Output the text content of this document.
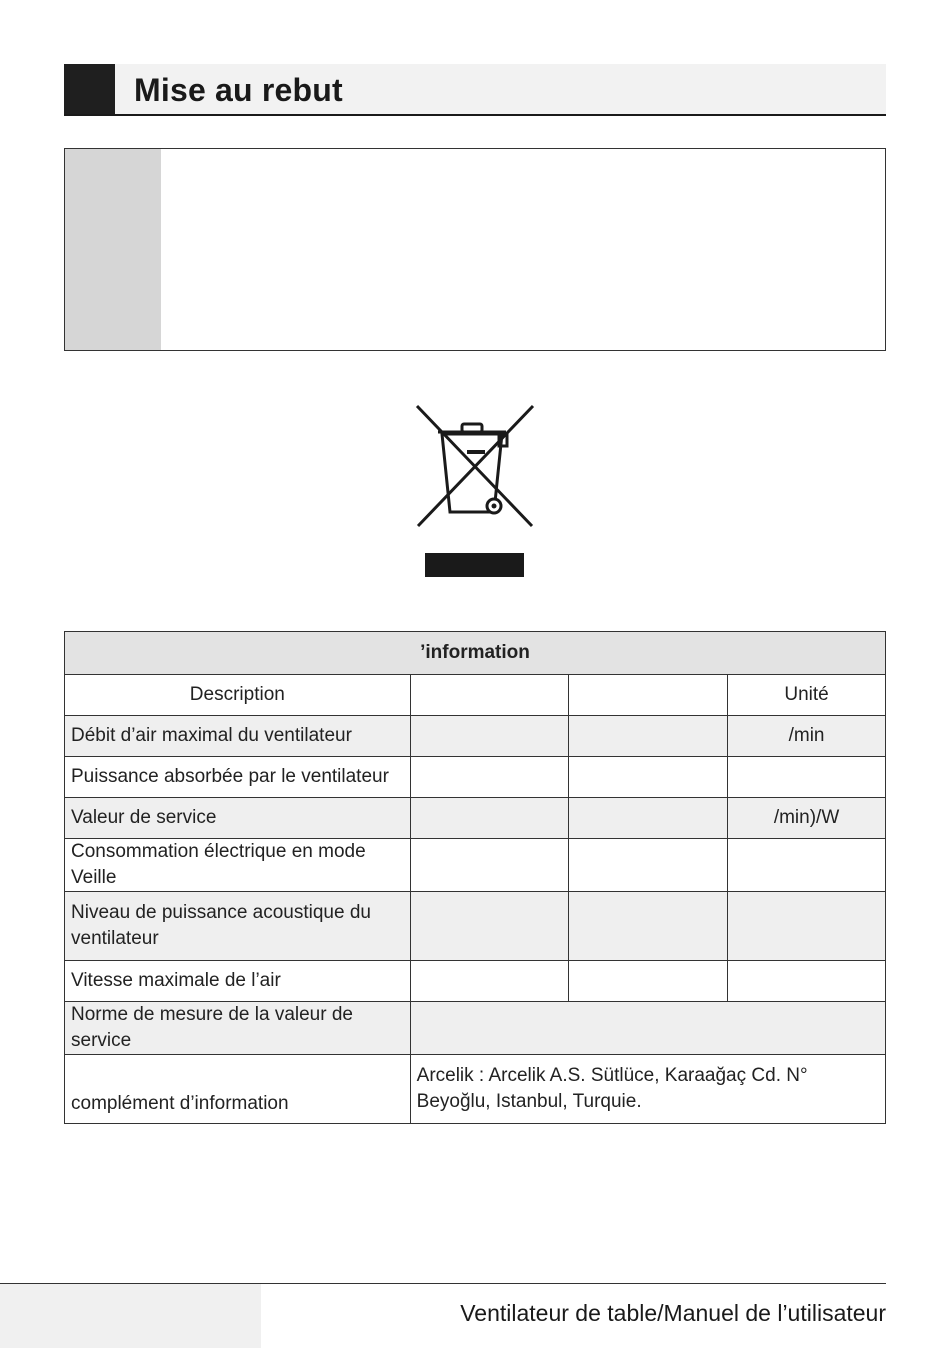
Mise au rebut
’information			
Description			Unité
Débit d’air maximal du ventilateur			/min
Puissance absorbée par le ventilateur			
Valeur de service			/min)/W
Consommation électrique en mode Veille			
Niveau de puissance acoustique du ventilateur			
Vitesse maximale de l’air			
Norme de mesure de la valeur de service			
complément d’information	Arcelik : Arcelik A.S. Sütlüce, Karaağaç Cd. N°
Beyoğlu, Istanbul, Turquie.		
Ventilateur de table/Manuel de l’utilisateur
